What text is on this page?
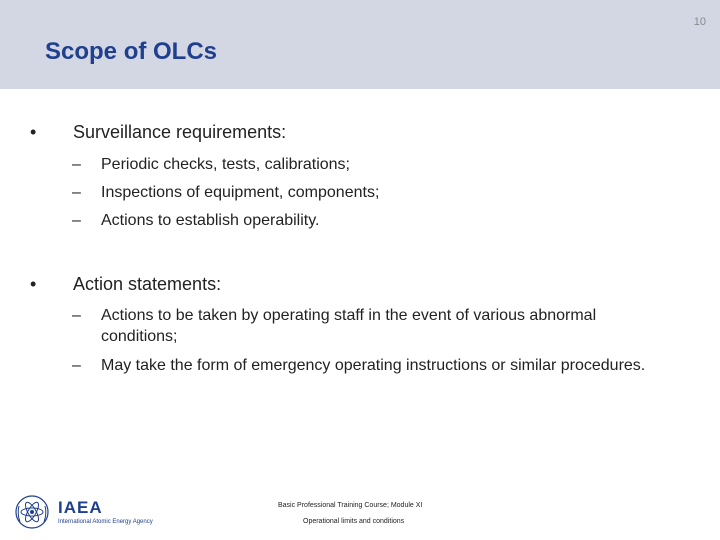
10
Scope of OLCs
•	Surveillance requirements:
– Periodic checks, tests, calibrations;
– Inspections of equipment, components;
– Actions to establish operability.
•	Action statements:
– Actions to be taken by operating staff in the event of various abnormal conditions;
– May take the form of emergency operating instructions or similar procedures.
IAEA
International Atomic Energy Agency
Basic Professional Training Course; Module XI
Operational limits and conditions
